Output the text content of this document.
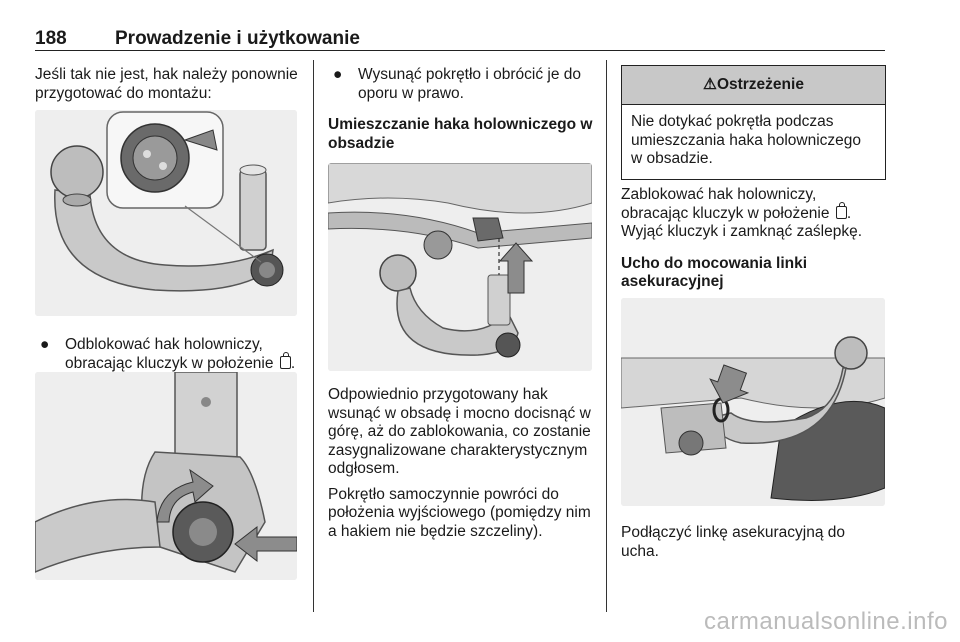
188	Prowadzenie i użytkowanie

Jeśli tak nie jest, hak należy ponownie przygotować do montażu:

● Odblokować hak holowniczy, obracając kluczyk w położenie .

● Wysunąć pokrętło i obrócić je do oporu w prawo.

Umieszczanie haka holowniczego w obsadzie

Odpowiednio przygotowany hak wsunąć w obsadę i mocno docisnąć w górę, aż do zablokowania, co zostanie zasygnalizowane charakterystycznym odgłosem.

Pokrętło samoczynnie powróci do położenia wyjściowego (pomiędzy nim a hakiem nie będzie szczeliny).

⚠Ostrzeżenie
Nie dotykać pokrętła podczas umieszczania haka holowniczego w obsadzie.

Zablokować hak holowniczy, obracając kluczyk w położenie . Wyjąć kluczyk i zamknąć zaślepkę.

Ucho do mocowania linki asekuracyjnej

Podłączyć linkę asekuracyjną do ucha.

carmanualsonline.info
